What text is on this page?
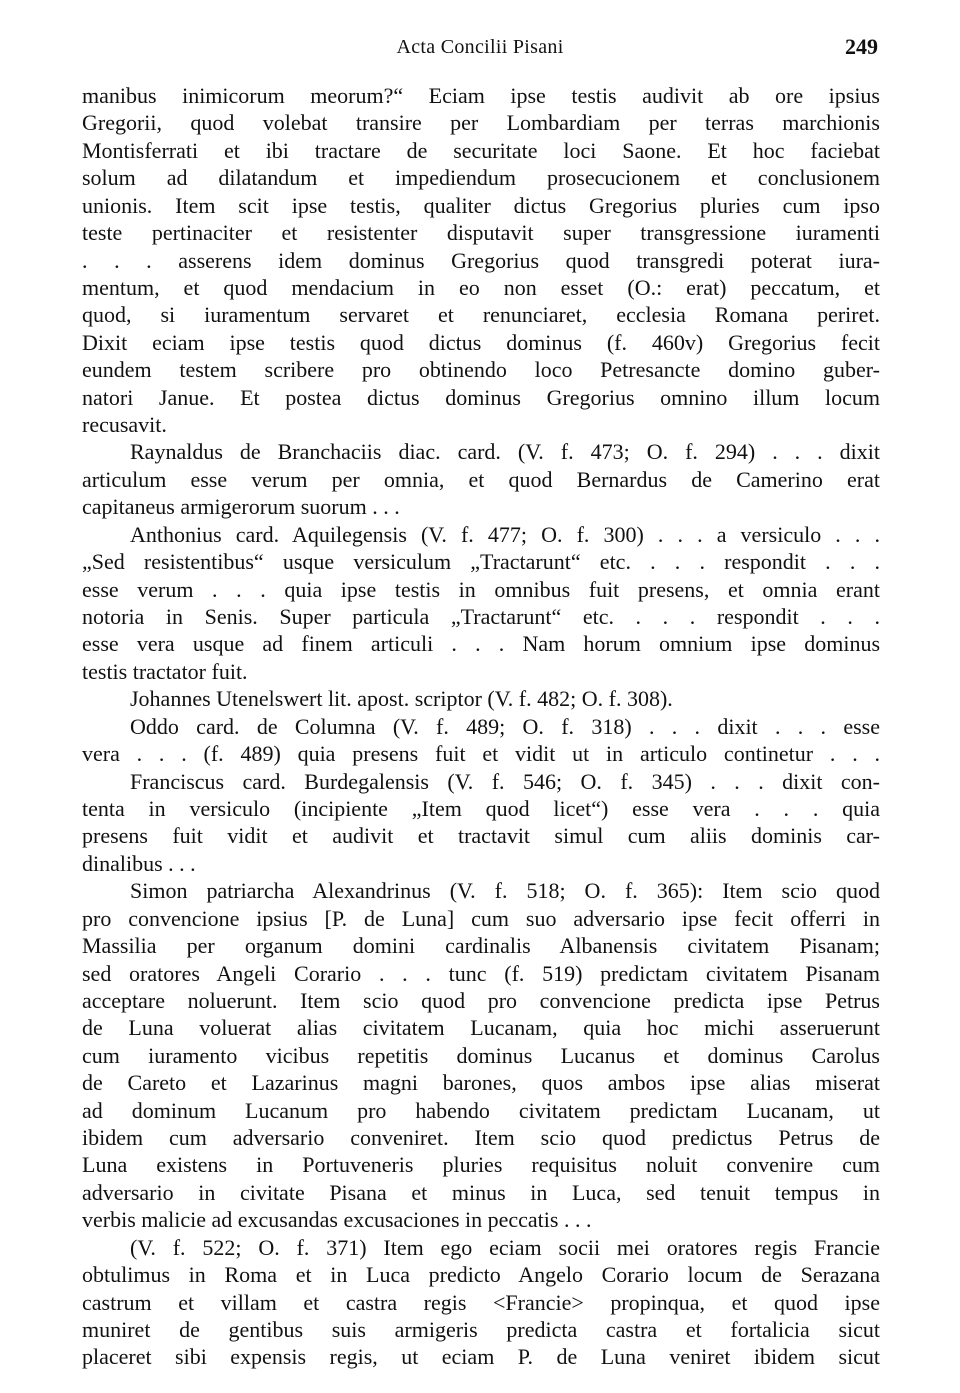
Acta Concilii Pisani	249
manibus inimicorum meorum?“ Eciam ipse testis audivit ab ore ipsius
Gregorii, quod volebat transire per Lombardiam per terras marchionis
Montisferrati et ibi tractare de securitate loci Saone. Et hoc faciebat
solum ad dilatandum et impediendum prosecucionem et conclusionem
unionis. Item scit ipse testis, qualiter dictus Gregorius pluries cum ipso
teste pertinaciter et resistenter disputavit super transgressione iuramenti
. . . asserens idem dominus Gregorius quod transgredi poterat iura-
mentum, et quod mendacium in eo non esset (O.: erat) peccatum, et
quod, si iuramentum servaret et renunciaret, ecclesia Romana periret.
Dixit eciam ipse testis quod dictus dominus (f. 460v) Gregorius fecit
eundem testem scribere pro obtinendo loco Petresancte domino guber-
natori Janue. Et postea dictus dominus Gregorius omnino illum locum
recusavit.
Raynaldus de Branchaciis diac. card. (V. f. 473; O. f. 294) . . . dixit
articulum esse verum per omnia, et quod Bernardus de Camerino erat
capitaneus armigerorum suorum . . .
Anthonius card. Aquilegensis (V. f. 477; O. f. 300) . . . a versiculo . . .
„Sed resistentibus“ usque versiculum „Tractarunt“ etc. . . . respondit . . .
esse verum . . . quia ipse testis in omnibus fuit presens, et omnia erant
notoria in Senis. Super particula „Tractarunt“ etc. . . . respondit . . .
esse vera usque ad finem articuli . . . Nam horum omnium ipse dominus
testis tractator fuit.
Johannes Utenelswert lit. apost. scriptor (V. f. 482; O. f. 308).
Oddo card. de Columna (V. f. 489; O. f. 318) . . . dixit . . . esse
vera . . . (f. 489) quia presens fuit et vidit ut in articulo continetur . . .
Franciscus card. Burdegalensis (V. f. 546; O. f. 345) . . . dixit con-
tenta in versiculo (incipiente „Item quod licet“) esse vera . . . quia
presens fuit vidit et audivit et tractavit simul cum aliis dominis car-
dinalibus . . .
Simon patriarcha Alexandrinus (V. f. 518; O. f. 365): Item scio quod
pro convencione ipsius [P. de Luna] cum suo adversario ipse fecit offerri in
Massilia per organum domini cardinalis Albanensis civitatem Pisanam;
sed oratores Angeli Corario . . . tunc (f. 519) predictam civitatem Pisanam
acceptare noluerunt. Item scio quod pro convencione predicta ipse Petrus
de Luna voluerat alias civitatem Lucanam, quia hoc michi asseruerunt
cum iuramento vicibus repetitis dominus Lucanus et dominus Carolus
de Careto et Lazarinus magni barones, quos ambos ipse alias miserat
ad dominum Lucanum pro habendo civitatem predictam Lucanam, ut
ibidem cum adversario conveniret. Item scio quod predictus Petrus de
Luna existens in Portuveneris pluries requisitus noluit convenire cum
adversario in civitate Pisana et minus in Luca, sed tenuit tempus in
verbis malicie ad excusandas excusaciones in peccatis . . .
(V. f. 522; O. f. 371) Item ego eciam socii mei oratores regis Francie
obtulimus in Roma et in Luca predicto Angelo Corario locum de Serazana
castrum et villam et castra regis <Francie> propinqua, et quod ipse
muniret de gentibus suis armigeris predicta castra et fortalicia sicut
placeret sibi expensis regis, ut eciam P. de Luna veniret ibidem sicut
